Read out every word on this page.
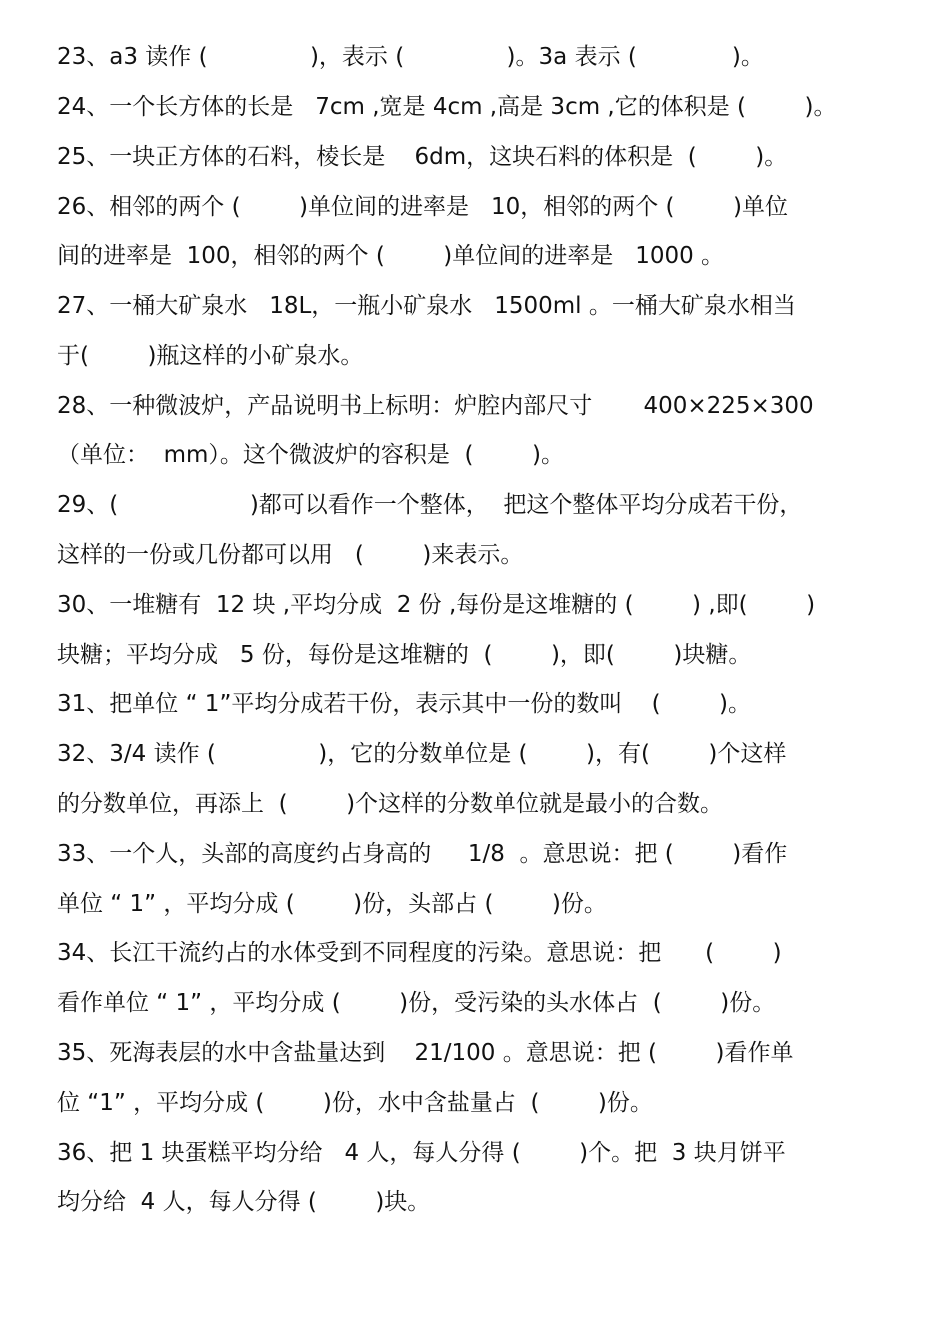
23、a3 读作 (              )，表示 (              )。3a 表示 (             )。
24、一个长方体的长是   7cm ,宽是 4cm ,高是 3cm ,它的体积是 (        )。
25、一块正方体的石料，棱长是    6dm，这块石料的体积是  (        )。
26、相邻的两个 (        )单位间的进率是   10，相邻的两个 (        )单位
间的进率是  100，相邻的两个 (        )单位间的进率是   1000 。
27、一桶大矿泉水   18L，一瓶小矿泉水   1500ml 。一桶大矿泉水相当
于(        )瓶这样的小矿泉水。
28、一种微波炉，产品说明书上标明：炉腔内部尺寸       400×225×300
（单位：  mm）。这个微波炉的容积是  (        )。
29、(                  )都可以看作一个整体，  把这个整体平均分成若干份，
这样的一份或几份都可以用   (        )来表示。
30、一堆糖有  12 块 ,平均分成  2 份 ,每份是这堆糖的 (        ) ,即(        )
块糖；平均分成   5 份，每份是这堆糖的  (        )，即(        )块糖。
31、把单位 “ 1”平均分成若干份，表示其中一份的数叫    (        )。
32、3/4 读作 (              )，它的分数单位是 (        )，有(        )个这样
的分数单位，再添上  (        )个这样的分数单位就是最小的合数。
33、一个人，头部的高度约占身高的     1/8  。意思说：把 (        )看作
单位 “ 1” ，平均分成 (        )份，头部占 (        )份。
34、长江干流约占的水体受到不同程度的污染。意思说：把      (        )
看作单位 “ 1” ，平均分成 (        )份，受污染的头水体占  (        )份。
35、死海表层的水中含盐量达到    21/100 。意思说：把 (        )看作单
位 “1” ，平均分成 (        )份，水中含盐量占  (        )份。
36、把 1 块蛋糕平均分给   4 人，每人分得 (        )个。把  3 块月饼平
均分给  4 人，每人分得 (        )块。
